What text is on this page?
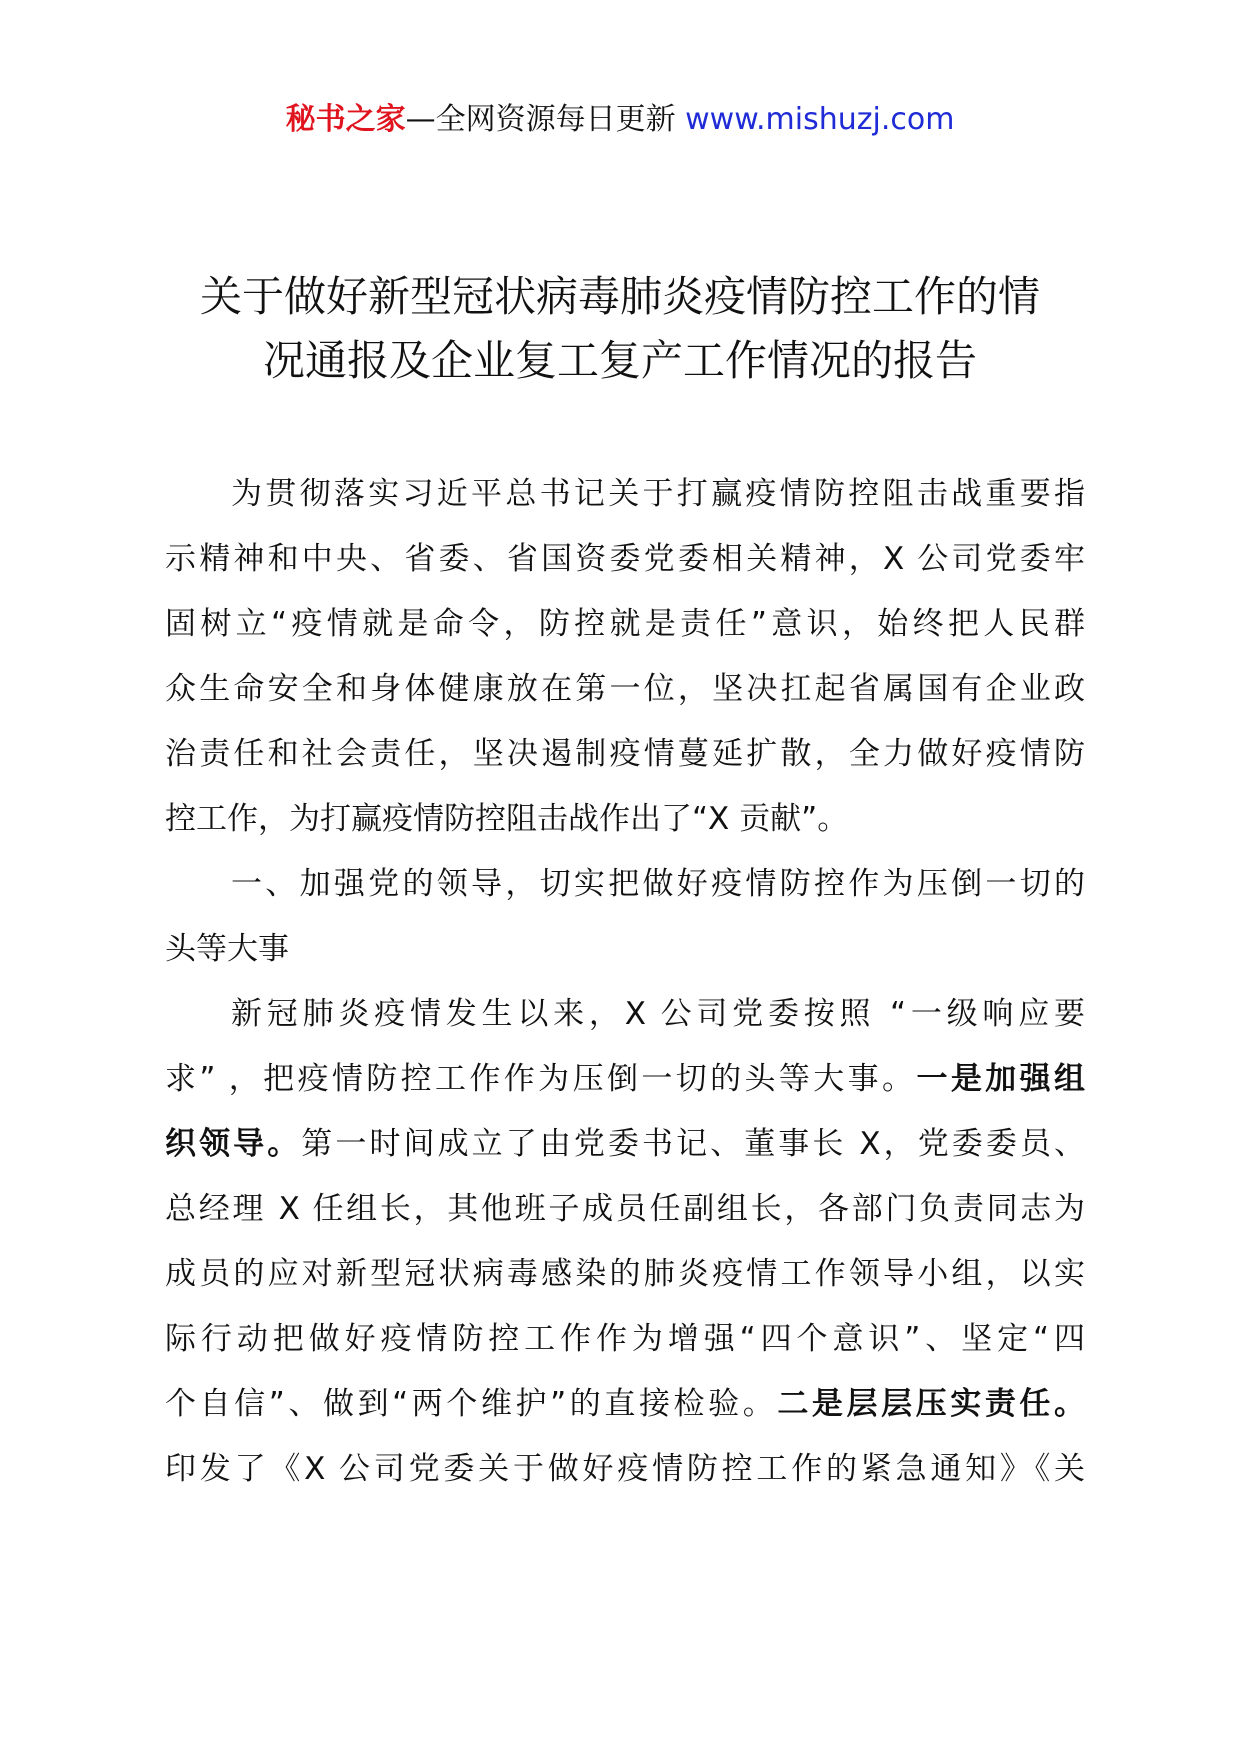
秘书之家—全网资源每日更新 www.mishuzj.com
关于做好新型冠状病毒肺炎疫情防控工作的情
况通报及企业复工复产工作情况的报告
为贯彻落实习近平总书记关于打赢疫情防控阻击战重要指
示精神和中央、省委、省国资委党委相关精神，X 公司党委牢
固树立“疫情就是命令，防控就是责任”意识，始终把人民群
众生命安全和身体健康放在第一位，坚决扛起省属国有企业政
治责任和社会责任，坚决遏制疫情蔓延扩散，全力做好疫情防
控工作，为打赢疫情防控阻击战作出了“X 贡献”。
一、加强党的领导，切实把做好疫情防控作为压倒一切的
头等大事
新冠肺炎疫情发生以来，X 公司党委按照 “一级响应要
求” ，把疫情防控工作作为压倒一切的头等大事。一是加强组
织领导。第一时间成立了由党委书记、董事长 X，党委委员、
总经理 X 任组长，其他班子成员任副组长，各部门负责同志为
成员的应对新型冠状病毒感染的肺炎疫情工作领导小组，以实
际行动把做好疫情防控工作作为增强“四个意识”、坚定“四
个自信”、做到“两个维护”的直接检验。二是层层压实责任。
印发了《X 公司党委关于做好疫情防控工作的紧急通知》《关
